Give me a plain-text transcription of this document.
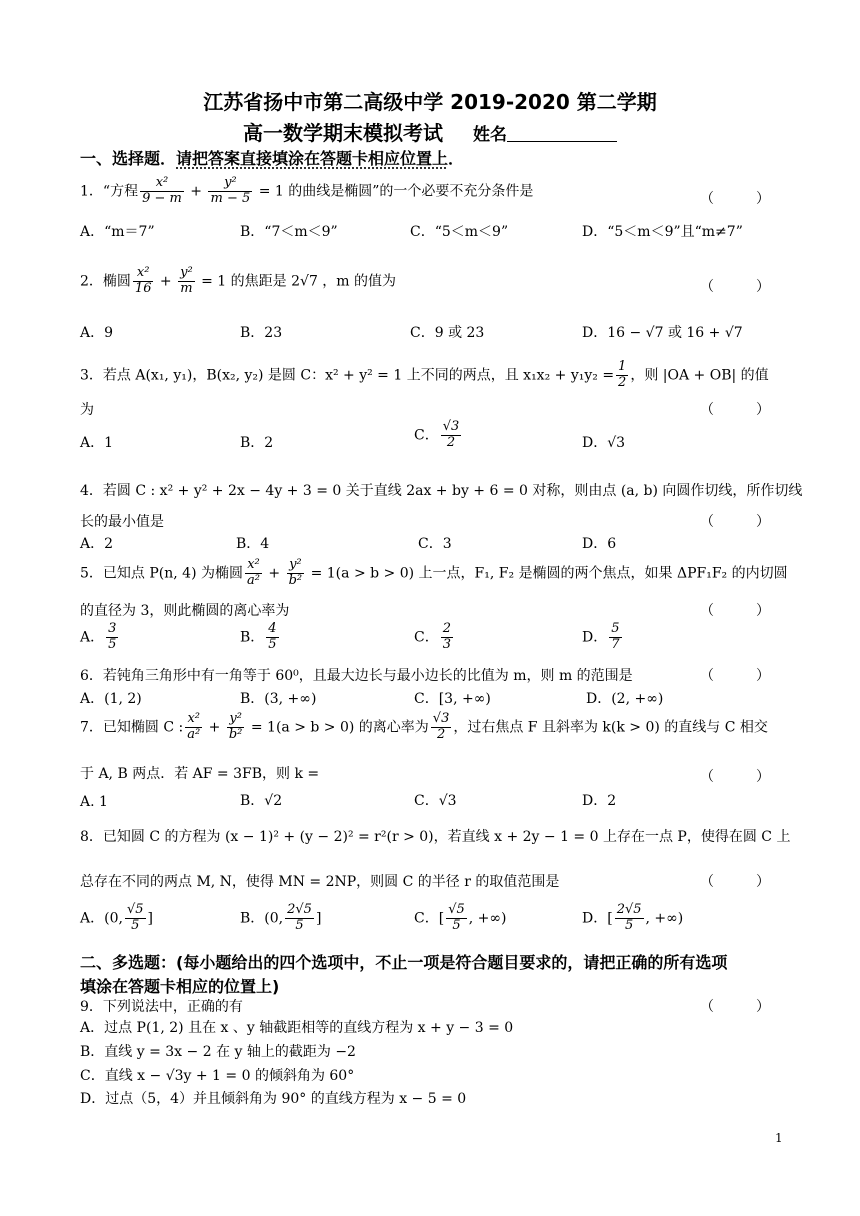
江苏省扬中市第二高级中学 2019-2020 第二学期
高一数学期末模拟考试 姓名
一、选择题．请把答案直接填涂在答题卡相应位置上．
1．“方程 $\frac{\text{x²}}{9 - m} + \frac{\text{y²}}{m - 5} = 1$ 的曲线是椭圆”的一个必要不充分条件是	（　　　）
A．“m＝7”	B．“7＜m＜9”	C．“5＜m＜9”	D．“5＜m＜9”且“m≠7”
2．椭圆 $\frac{\text{x²}}{16} + \frac{\text{y²}}{m} = 1$ 的焦距是 2√7 ，m 的值为	（　　　）
A．9	B．23	C．9 或 23	D．16 − √7 或 16 + √7
3．若点 A(x₁, y₁)，B(x₂, y₂) 是圆 C：x² + y² = 1 上不同的两点，且 $x_1x_2 + y_1y_2 = \frac{1}{2}$ ，则 |OA + OB| 的值
为	（　　　）
A．1	B．2	C． $\frac{√3}{2}$	D．√3
4．若圆 C : x² + y² + 2x − 4y + 3 = 0 关于直线 2ax + by + 6 = 0 对称，则由点 (a, b) 向圆作切线，所作切线
长的最小值是	（　　　）
A．2	B．4	C．3	D．6
5．已知点 P(n, 4) 为椭圆 $\frac{\text{x²}}{\text{a²}} + \frac{\text{y²}}{\text{b²}} = 1(a > b > 0)$ 上一点，F₁, F₂ 是椭圆的两个焦点，如果 ΔPF₁F₂ 的内切圆
的直径为 3，则此椭圆的离心率为	（　　　）
A． $\frac{3}{5}$	B． $\frac{4}{5}$	C． $\frac{2}{3}$	D． $\frac{5}{7}$
6．若钝角三角形中有一角等于 60⁰，且最大边长与最小边长的比值为 m，则 m 的范围是	（　　　）
A．(1, 2)	B．(3, +∞)	C．[3, +∞)	D．(2, +∞)
7．已知椭圆 C : $\frac{\text{x²}}{\text{a²}} + \frac{\text{y²}}{\text{b²}} = 1(a > b > 0)$ 的离心率为 $\frac{√3}{2}$ ，过右焦点 F 且斜率为 k(k > 0) 的直线与 C 相交
于 A, B 两点．若 AF = 3FB，则 k =	（　　　）
A. 1	B．√2	C．√3	D．2
8．已知圆 C 的方程为 (x − 1)² + (y − 2)² = r²(r > 0)，若直线 x + 2y − 1 = 0 上存在一点 P，使得在圆 C 上
总存在不同的两点 M, N，使得 MN = 2NP，则圆 C 的半径 r 的取值范围是	（　　　）
A．(0, $\frac{√5}{5}$ ]	B．(0, $\frac{2√5}{5}$ ]	C．[ $\frac{√5}{5}$ , +∞)	D．[ $\frac{2√5}{5}$ , +∞)
二、多选题：(每小题给出的四个选项中，不止一项是符合题目要求的，请把正确的所有选项
填涂在答题卡相应的位置上)
9．下列说法中，正确的有	（　　　）
A．过点 P(1, 2) 且在 x 、y 轴截距相等的直线方程为 x + y − 3 = 0
B．直线 y = 3x − 2 在 y 轴上的截距为 −2
C．直线 x − √3y + 1 = 0 的倾斜角为 60°
D．过点（5，4）并且倾斜角为 90° 的直线方程为 x − 5 = 0
1
